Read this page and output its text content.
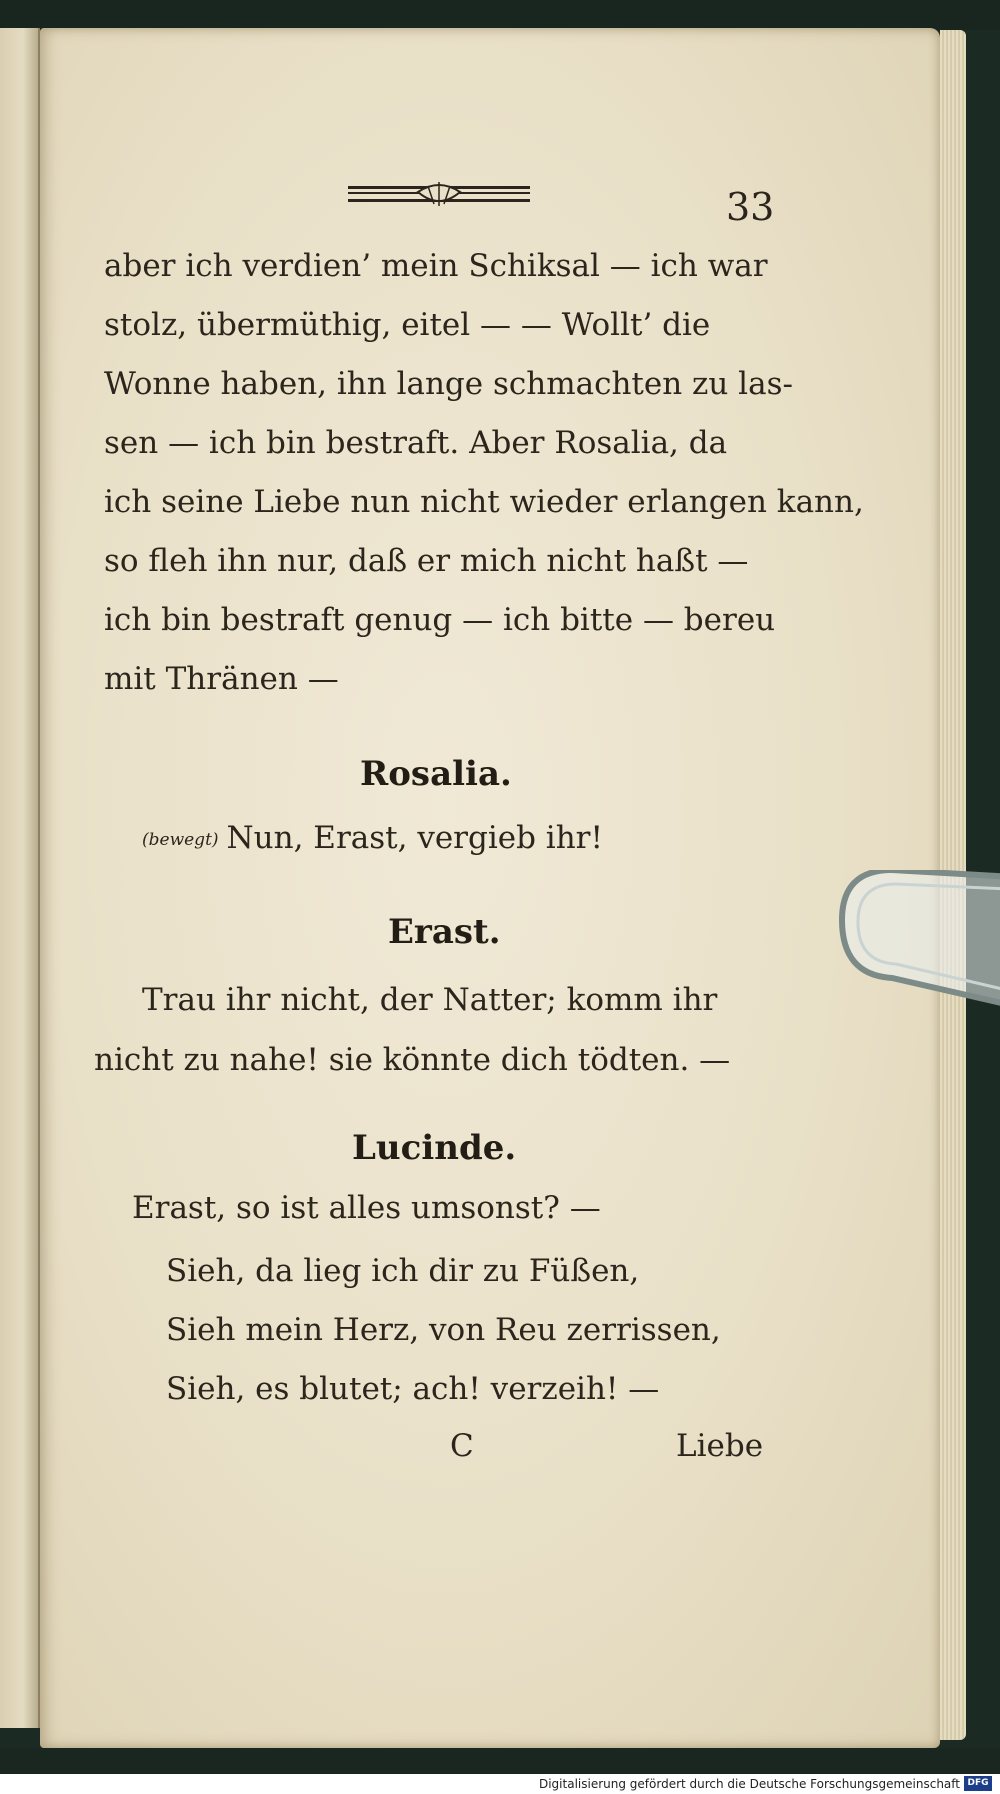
33
aber ich verdien’ mein Schiksal — ich war
stolz, übermüthig, eitel — — Wollt’ die
Wonne haben, ihn lange schmachten zu las-
sen — ich bin bestraft. Aber Rosalia, da
ich seine Liebe nun nicht wieder erlangen kann,
so fleh ihn nur, daß er mich nicht haßt —
ich bin bestraft genug — ich bitte — bereu
mit Thränen —
Rosalia.
(bewegt) Nun, Erast, vergieb ihr!
Erast.
Trau ihr nicht, der Natter; komm ihr
nicht zu nahe! sie könnte dich tödten. —
Lucinde.
Erast, so ist alles umsonst? —
Sieh, da lieg ich dir zu Füßen,
Sieh mein Herz, von Reu zerrissen,
Sieh, es blutet; ach! verzeih! —
C	Liebe
Digitalisierung gefördert durch die Deutsche Forschungsgemeinschaft DFG
